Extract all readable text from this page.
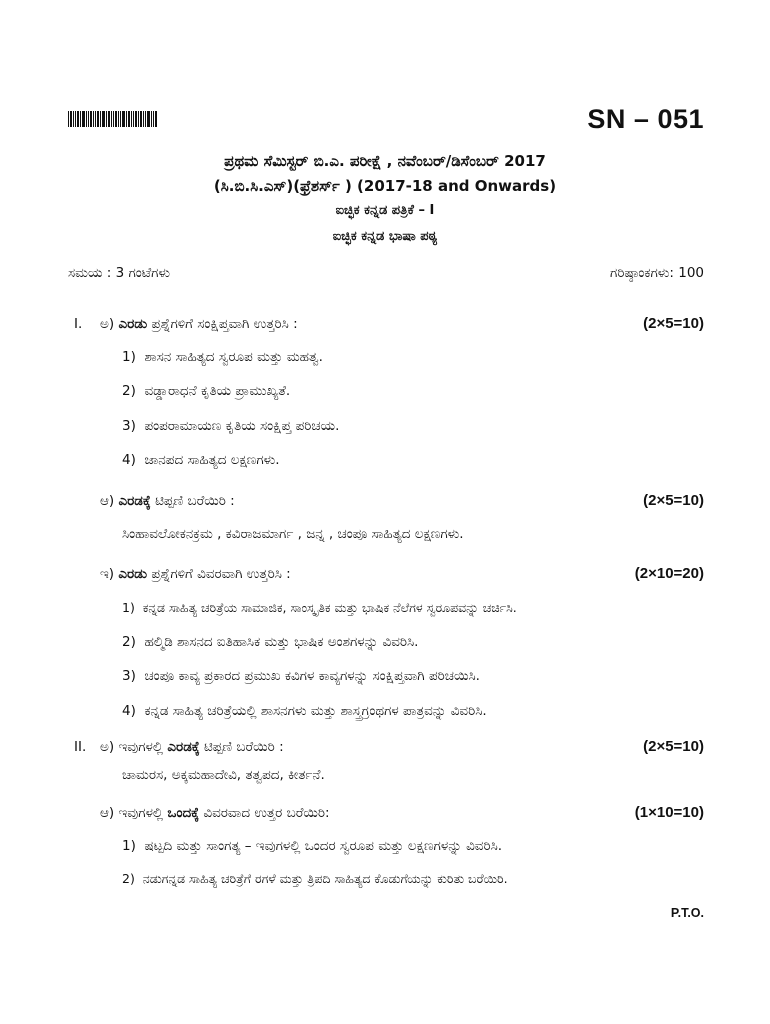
SN – 051
ಪ್ರಥಮ ಸೆಮಿಸ್ಟರ್ ಬಿ.ಎ. ಪರೀಕ್ಷೆ , ನವೆಂಬರ್/ಡಿಸೆಂಬರ್ 2017
(ಸಿ.ಬಿ.ಸಿ.ಎಸ್)(ಫ್ರೆಶರ್ಸ್ ) (2017-18 and Onwards)
ಐಚ್ಛಿಕ ಕನ್ನಡ ಪತ್ರಿಕೆ – I
ಐಚ್ಛಿಕ ಕನ್ನಡ ಭಾಷಾ ಪಠ್ಯ
ಸಮಯ : 3 ಗಂಟೆಗಳು	ಗರಿಷ್ಠಾಂಕಗಳು: 100
I. ಅ) ಎರಡು ಪ್ರಶ್ನೆಗಳಿಗೆ ಸಂಕ್ಷಿಪ್ತವಾಗಿ ಉತ್ತರಿಸಿ :	(2×5=10)
1) ಶಾಸನ ಸಾಹಿತ್ಯದ ಸ್ವರೂಪ ಮತ್ತು ಮಹತ್ವ.
2) ವಡ್ಡಾರಾಧನೆ ಕೃತಿಯ ಪ್ರಾಮುಖ್ಯತೆ.
3) ಪಂಪರಾಮಾಯಣ ಕೃತಿಯ ಸಂಕ್ಷಿಪ್ತ ಪರಿಚಯ.
4) ಜಾನಪದ ಸಾಹಿತ್ಯದ ಲಕ್ಷಣಗಳು.
ಆ) ಎರಡಕ್ಕೆ ಟಿಪ್ಪಣಿ ಬರೆಯಿರಿ :	(2×5=10)
ಸಿಂಹಾವಲೋಕನಕ್ರಮ , ಕವಿರಾಜಮಾರ್ಗ , ಜನ್ನ , ಚಂಪೂ ಸಾಹಿತ್ಯದ ಲಕ್ಷಣಗಳು.
ಇ) ಎರಡು ಪ್ರಶ್ನೆಗಳಿಗೆ ವಿವರವಾಗಿ ಉತ್ತರಿಸಿ :	(2×10=20)
1) ಕನ್ನಡ ಸಾಹಿತ್ಯ ಚರಿತ್ರೆಯ ಸಾಮಾಜಿಕ, ಸಾಂಸ್ಕೃತಿಕ ಮತ್ತು ಭಾಷಿಕ ನೆಲೆಗಳ ಸ್ವರೂಪವನ್ನು ಚರ್ಚಿಸಿ.
2) ಹಲ್ಮಿಡಿ ಶಾಸನದ ಐತಿಹಾಸಿಕ ಮತ್ತು ಭಾಷಿಕ ಅಂಶಗಳನ್ನು ವಿವರಿಸಿ.
3) ಚಂಪೂ ಕಾವ್ಯ ಪ್ರಕಾರದ ಪ್ರಮುಖ ಕವಿಗಳ ಕಾವ್ಯಗಳನ್ನು ಸಂಕ್ಷಿಪ್ತವಾಗಿ ಪರಿಚಯಿಸಿ.
4) ಕನ್ನಡ ಸಾಹಿತ್ಯ ಚರಿತ್ರೆಯಲ್ಲಿ ಶಾಸನಗಳು ಮತ್ತು ಶಾಸ್ತ್ರಗ್ರಂಥಗಳ ಪಾತ್ರವನ್ನು ವಿವರಿಸಿ.
II. ಅ) ಇವುಗಳಲ್ಲಿ ಎರಡಕ್ಕೆ ಟಿಪ್ಪಣಿ ಬರೆಯಿರಿ :	(2×5=10)
ಚಾಮರಸ, ಅಕ್ಕಮಹಾದೇವಿ, ತತ್ವಪದ, ಕೀರ್ತನೆ.
ಆ) ಇವುಗಳಲ್ಲಿ ಒಂದಕ್ಕೆ ವಿವರವಾದ ಉತ್ತರ ಬರೆಯಿರಿ:	(1×10=10)
1) ಷಟ್ಪದಿ ಮತ್ತು ಸಾಂಗತ್ಯ – ಇವುಗಳಲ್ಲಿ ಒಂದರ ಸ್ವರೂಪ ಮತ್ತು ಲಕ್ಷಣಗಳನ್ನು ವಿವರಿಸಿ.
2) ನಡುಗನ್ನಡ ಸಾಹಿತ್ಯ ಚರಿತ್ರೆಗೆ ರಗಳೆ ಮತ್ತು ತ್ರಿಪದಿ ಸಾಹಿತ್ಯದ ಕೊಡುಗೆಯನ್ನು ಕುರಿತು ಬರೆಯಿರಿ.
P.T.O.
